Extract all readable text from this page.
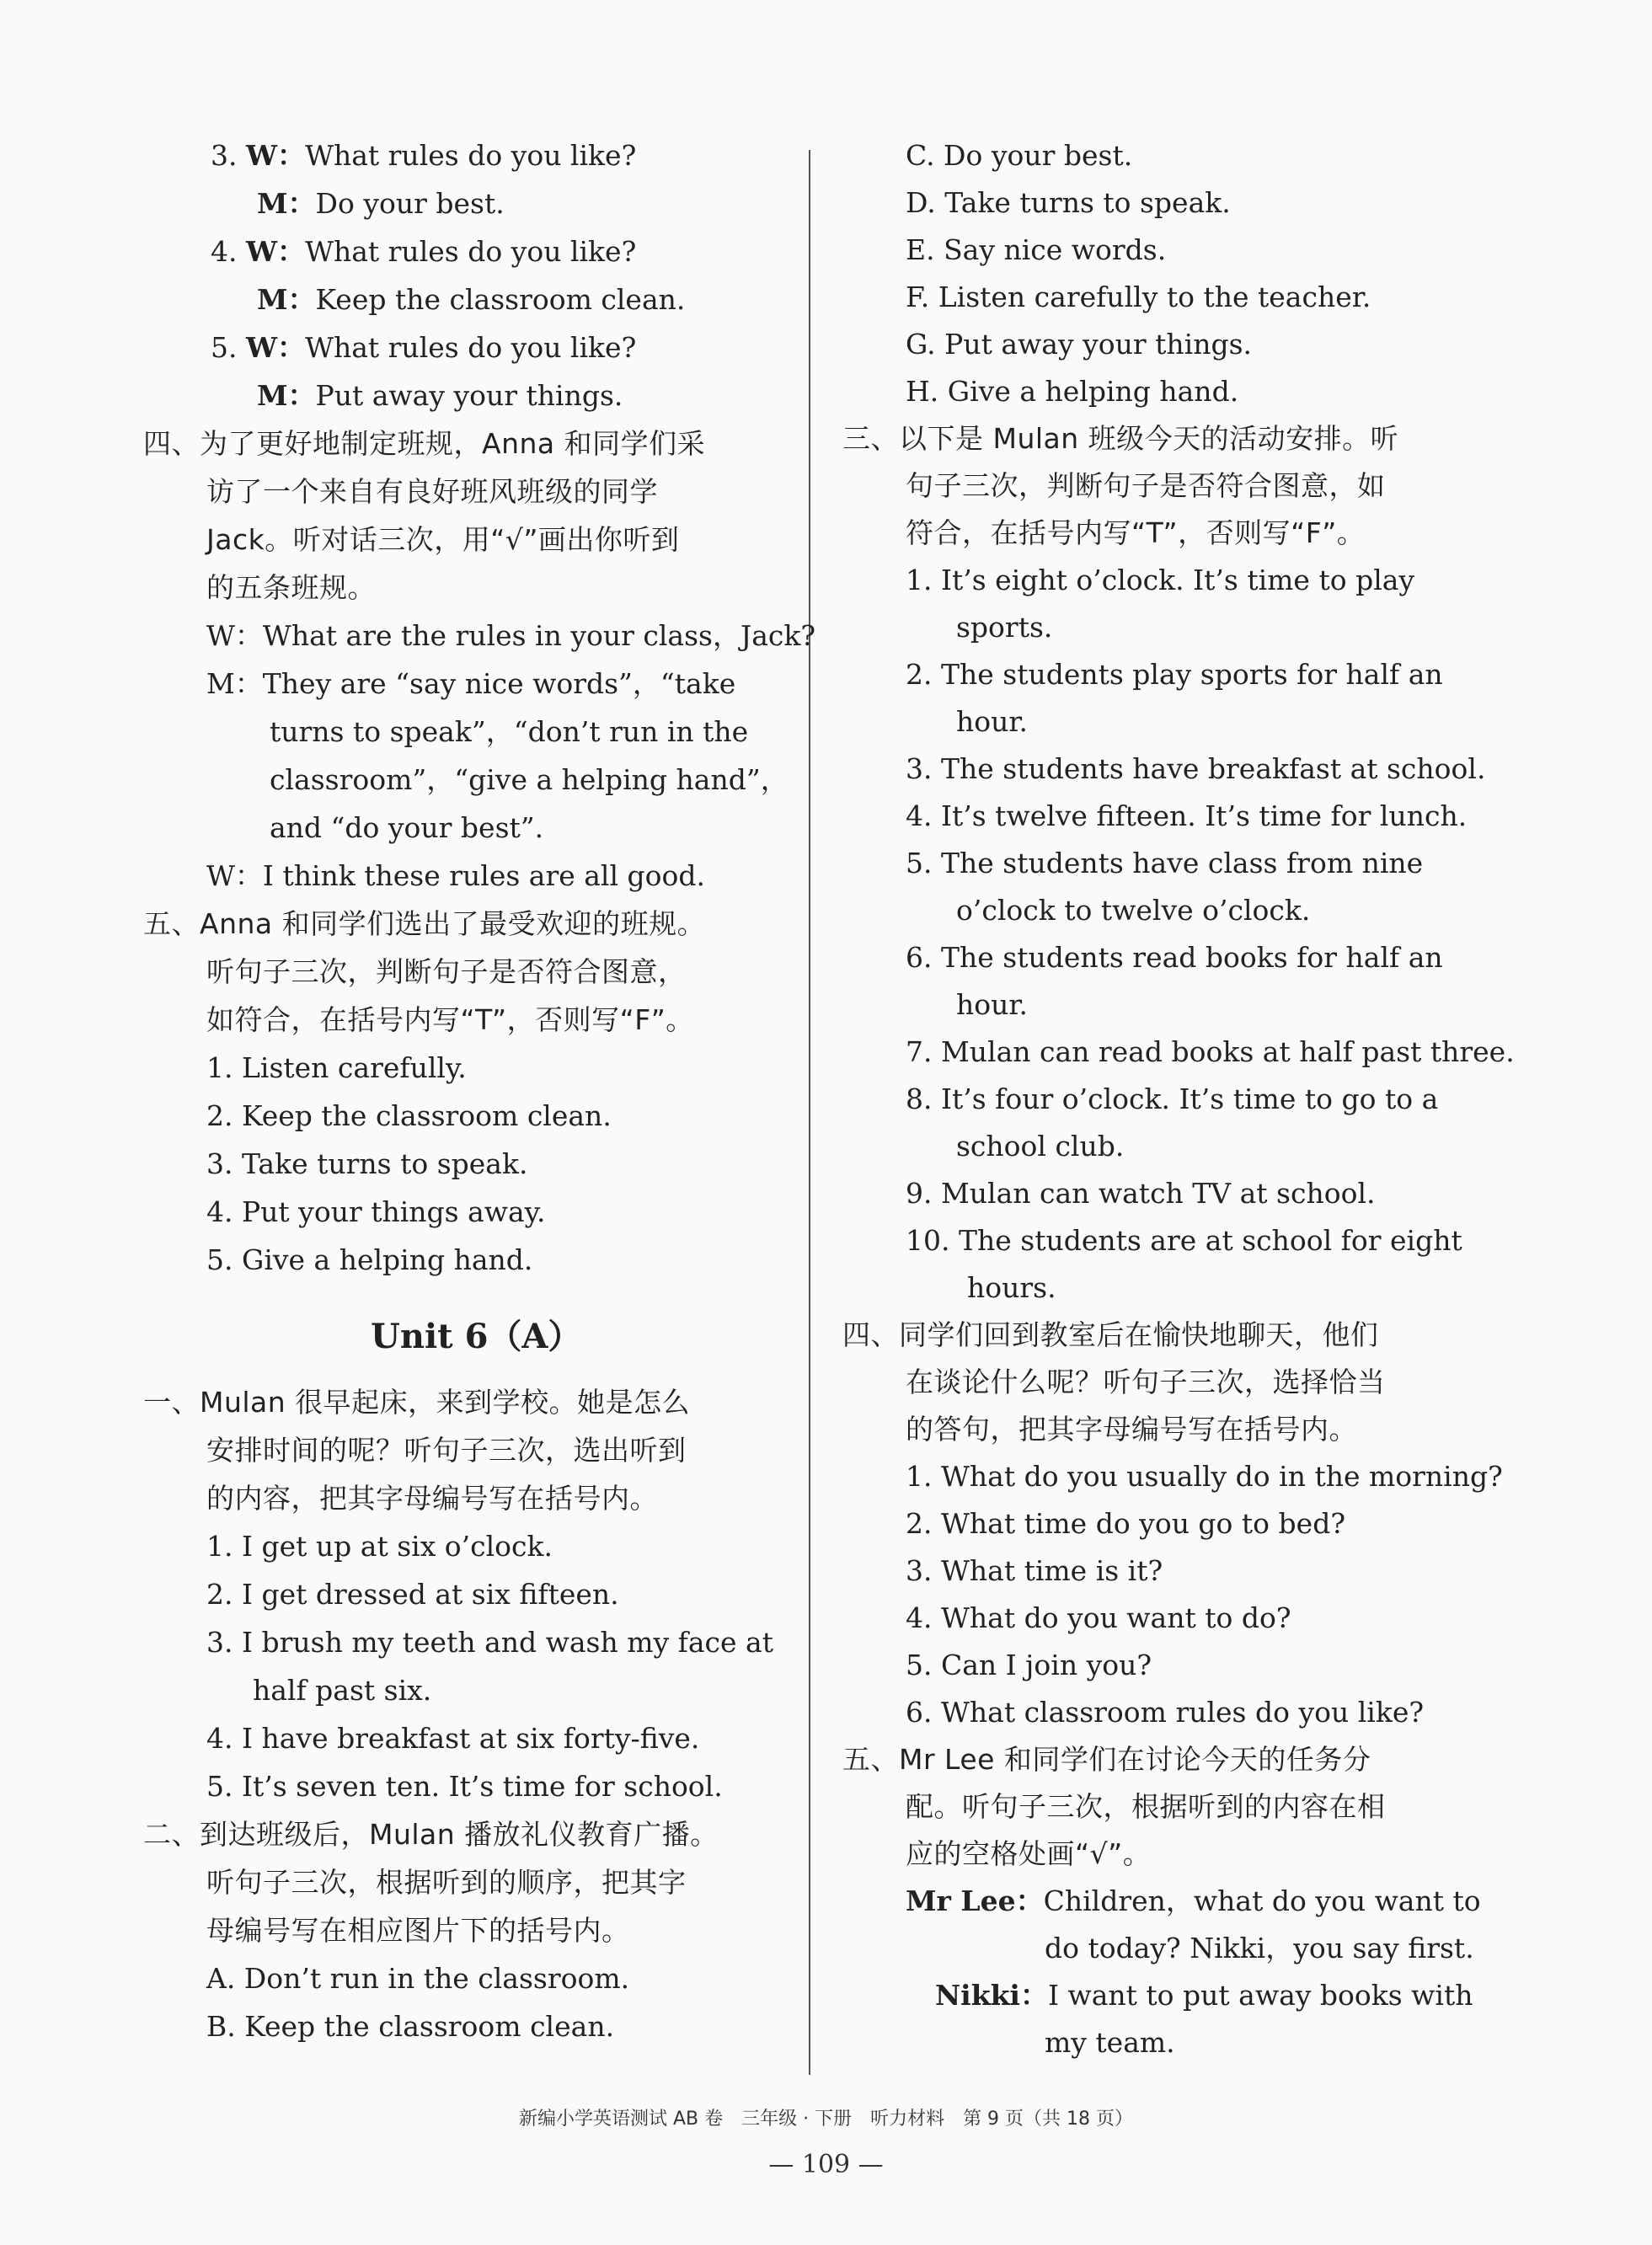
3. W：What rules do you like?
M：Do your best.
4. W：What rules do you like?
M：Keep the classroom clean.
5. W：What rules do you like?
M：Put away your things.
四、为了更好地制定班规，Anna 和同学们采
访了一个来自有良好班风班级的同学
Jack。听对话三次，用“√”画出你听到
的五条班规。
W：What are the rules in your class，Jack?
M：They are “say nice words”，“take
turns to speak”，“don’t run in the
classroom”，“give a helping hand”，
and “do your best”.
W：I think these rules are all good.
五、Anna 和同学们选出了最受欢迎的班规。
听句子三次，判断句子是否符合图意，
如符合，在括号内写“T”，否则写“F”。
1. Listen carefully.
2. Keep the classroom clean.
3. Take turns to speak.
4. Put your things away.
5. Give a helping hand.
Unit 6（A）
一、Mulan 很早起床，来到学校。她是怎么
安排时间的呢？听句子三次，选出听到
的内容，把其字母编号写在括号内。
1. I get up at six o’clock.
2. I get dressed at six fifteen.
3. I brush my teeth and wash my face at
half past six.
4. I have breakfast at six forty-five.
5. It’s seven ten. It’s time for school.
二、到达班级后，Mulan 播放礼仪教育广播。
听句子三次，根据听到的顺序，把其字
母编号写在相应图片下的括号内。
A. Don’t run in the classroom.
B. Keep the classroom clean.
C. Do your best.
D. Take turns to speak.
E. Say nice words.
F. Listen carefully to the teacher.
G. Put away your things.
H. Give a helping hand.
三、以下是 Mulan 班级今天的活动安排。听
句子三次，判断句子是否符合图意，如
符合，在括号内写“T”，否则写“F”。
1. It’s eight o’clock. It’s time to play
sports.
2. The students play sports for half an
hour.
3. The students have breakfast at school.
4. It’s twelve fifteen. It’s time for lunch.
5. The students have class from nine
o’clock to twelve o’clock.
6. The students read books for half an
hour.
7. Mulan can read books at half past three.
8. It’s four o’clock. It’s time to go to a
school club.
9. Mulan can watch TV at school.
10. The students are at school for eight
hours.
四、同学们回到教室后在愉快地聊天，他们
在谈论什么呢？听句子三次，选择恰当
的答句，把其字母编号写在括号内。
1. What do you usually do in the morning?
2. What time do you go to bed?
3. What time is it?
4. What do you want to do?
5. Can I join you?
6. What classroom rules do you like?
五、Mr Lee 和同学们在讨论今天的任务分
配。听句子三次，根据听到的内容在相
应的空格处画“√”。
Mr Lee：Children，what do you want to
do today? Nikki，you say first.
Nikki：I want to put away books with
my team.
新编小学英语测试 AB 卷　三年级 · 下册　听力材料　第 9 页（共 18 页）
— 109 —
